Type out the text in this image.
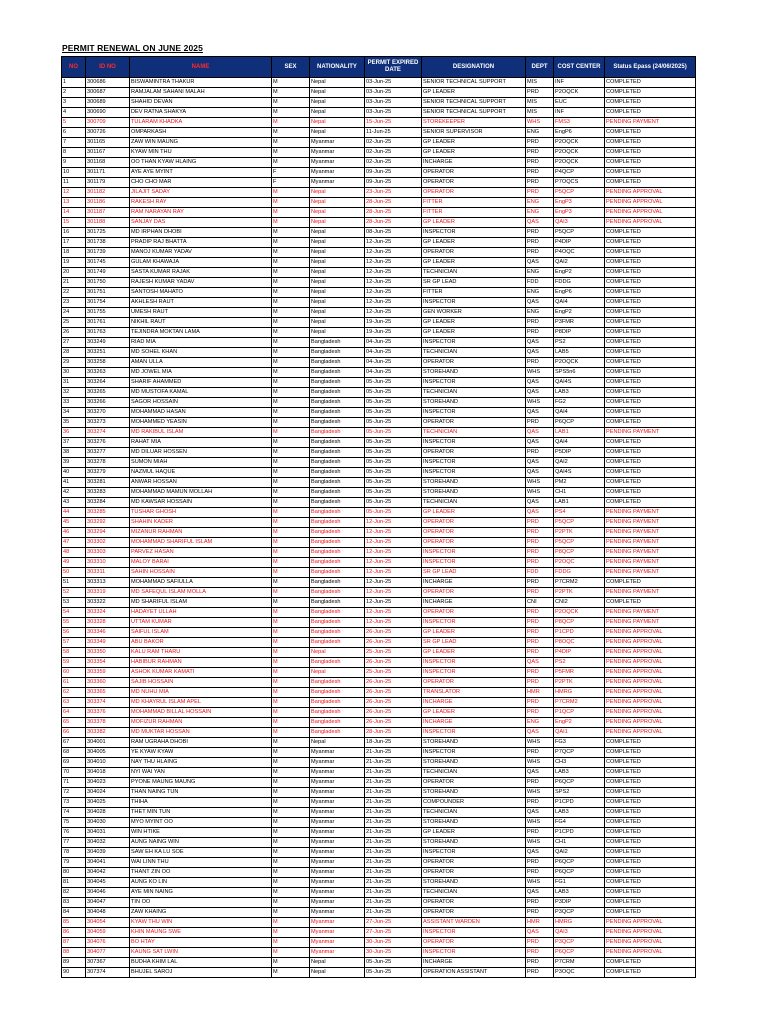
PERMIT RENEWAL ON JUNE 2025
NO	ID NO	NAME	SEX	NATIONALITY	PERMIT EXPIRED DATE	DESIGNATION	DEPT	COST CENTER	Status Epass (24/06/2025)
1	300686	BISWAMINTRA THAKUR	M	Nepal	03-Jun-25	SENIOR TECHNICAL SUPPORT	MIS	INF	COMPLETED
2	300687	RAMJALAM SAHANI MALAH	M	Nepal	03-Jun-25	GP LEADER	PRD	P2OQCK	COMPLETED
3	300689	SHAHID DEVAN	M	Nepal	03-Jun-25	SENIOR TECHNICAL SUPPORT	MIS	EUC	COMPLETED
4	300690	DEV RATNA SHAKYA	M	Nepal	03-Jun-25	SENIOR TECHNICAL SUPPORT	MIS	INF	COMPLETED
5	300709	TULARAM KHADKA	M	Nepal	15-Jun-25	STOREKEEPER	WHS	FMS3	PENDING PAYMENT
6	300726	OMPARKASH	M	Nepal	11-Jun-25	SENIOR SUPERVISOR	ENG	EngP6	COMPLETED
7	301165	ZAW WIN MAUNG	M	Myanmar	02-Jun-25	GP LEADER	PRD	P2OQCK	COMPLETED
8	301167	KYAW MIN THU	M	Myanmar	02-Jun-25	GP LEADER	PRD	P2OQCK	COMPLETED
9	301168	OO THAN KYAW HLAING	M	Myanmar	02-Jun-25	INCHARGE	PRD	P2OQCK	COMPLETED
10	301171	AYE AYE MYINT	F	Myanmar	09-Jun-25	OPERATOR	PRD	P4QCP	COMPLETED
11	301179	CHO CHO MAR	F	Myanmar	09-Jun-25	OPERATOR	PRD	P7OQCS	COMPLETED
12	301182	JILAJIT SADAY	M	Nepal	23-Jun-25	OPERATOR	PRD	P5QCP	PENDING APPROVAL
13	301186	RAKESH RAY	M	Nepal	28-Jun-25	FITTER	ENG	EngP3	PENDING APPROVAL
14	301187	RAM NARAYAN RAY	M	Nepal	28-Jun-25	FITTER	ENG	EngP3	PENDING APPROVAL
15	301188	SANJAY DAS	M	Nepal	28-Jun-25	GP LEADER	QAS	QAI3	PENDING APPROVAL
16	301725	MD IRPHAN DHOBI	M	Nepal	08-Jun-25	INSPECTOR	PRD	P5QCP	COMPLETED
17	301738	PRADIP RAJ BHATTA	M	Nepal	12-Jun-25	GP LEADER	PRD	P4DIP	COMPLETED
18	301739	MANOJ KUMAR YADAV	M	Nepal	12-Jun-25	OPERATOR	PRD	P4OQC	COMPLETED
19	301745	GULAM KHAWAJA	M	Nepal	12-Jun-25	GP LEADER	QAS	QAI2	COMPLETED
20	301749	SASTA KUMAR RAJAK	M	Nepal	12-Jun-25	TECHNICIAN	ENG	EngP2	COMPLETED
21	301750	RAJESH KUMAR YADAV	M	Nepal	12-Jun-25	SR GP LEAD	FDD	FDDG	COMPLETED
22	301751	SANTOSH MAHATO	M	Nepal	12-Jun-25	FITTER	ENG	EngP6	COMPLETED
23	301754	AKHLESH RAUT	M	Nepal	12-Jun-25	INSPECTOR	QAS	QAI4	COMPLETED
24	301755	UMESH RAUT	M	Nepal	12-Jun-25	GEN WORKER	ENG	EngP2	COMPLETED
25	301761	NIKHIL RAUT	M	Nepal	19-Jun-25	GP LEADER	PRD	P3FMR	COMPLETED
26	301763	TEJINDRA MOKTAN LAMA	M	Nepal	19-Jun-25	GP LEADER	PRD	P8DIP	COMPLETED
27	303249	RIAD MIA	M	Bangladesh	04-Jun-25	INSPECTOR	QAS	PS2	COMPLETED
28	303251	MD SOHEL KHAN	M	Bangladesh	04-Jun-25	TECHNICIAN	QAS	LAB5	COMPLETED
29	303258	AMAN ULLA	M	Bangladesh	04-Jun-25	OPERATOR	PRD	P2OQCK	COMPLETED
30	303263	MD JOWEL MIA	M	Bangladesh	04-Jun-25	STOREHAND	WHS	SPS5n6	COMPLETED
31	303264	SHARIF AHAMMED	M	Bangladesh	05-Jun-25	INSPECTOR	QAS	QAI4S	COMPLETED
32	303265	MD MUSTOFA KAMAL	M	Bangladesh	05-Jun-25	TECHNICIAN	QAS	LAB3	COMPLETED
33	303266	SAGOR HOSSAIN	M	Bangladesh	05-Jun-25	STOREHAND	WHS	FG2	COMPLETED
34	303270	MOHAMMAD HASAN	M	Bangladesh	05-Jun-25	INSPECTOR	QAS	QAI4	COMPLETED
35	303273	MOHAMMED YEASIN	M	Bangladesh	05-Jun-25	OPERATOR	PRD	P6QCP	COMPLETED
36	303274	MD RAKIBUL ISLAM	M	Bangladesh	05-Jun-25	TECHNICIAN	QAS	LAB1	PENDING PAYMENT
37	303276	RAHAT MIA	M	Bangladesh	05-Jun-25	INSPECTOR	QAS	QAI4	COMPLETED
38	303277	MD DILUAR HOSSEN	M	Bangladesh	05-Jun-25	OPERATOR	PRD	P5DIP	COMPLETED
39	303278	SUMON MIAH	M	Bangladesh	05-Jun-25	INSPECTOR	QAS	QAI2	COMPLETED
40	303279	NAZMUL HAQUE	M	Bangladesh	05-Jun-25	INSPECTOR	QAS	QAI4S	COMPLETED
41	303281	ANWAR HOSSAN	M	Bangladesh	05-Jun-25	STOREHAND	WHS	PM2	COMPLETED
42	303283	MOHAMMAD MAMUN MOLLAH	M	Bangladesh	05-Jun-25	STOREHAND	WHS	CH1	COMPLETED
43	303284	MD KAWSAR HOSSAIN	M	Bangladesh	05-Jun-25	TECHNICIAN	QAS	LAB1	COMPLETED
44	303285	TUSHAR GHOSH	M	Bangladesh	05-Jun-25	GP LEADER	QAS	PS4	PENDING PAYMENT
45	303292	SHAHIN KADER	M	Bangladesh	12-Jun-25	OPERATOR	PRD	P5QCP	PENDING PAYMENT
46	303294	MIZANUR RAHMAN	M	Bangladesh	12-Jun-25	OPERATOR	PRD	P2PTK	PENDING PAYMENT
47	303302	MOHAMMAD SHARIFUL ISLAM	M	Bangladesh	12-Jun-25	OPERATOR	PRD	P5QCP	PENDING PAYMENT
48	303303	PARVEZ HASAN	M	Bangladesh	12-Jun-25	INSPECTOR	PRD	P8QCP	PENDING PAYMENT
49	303310	MALOY BARAI	M	Bangladesh	12-Jun-25	INSPECTOR	PRD	P2OQC	PENDING PAYMENT
50	303311	SAHIN HOSSAIN	M	Bangladesh	12-Jun-25	SR GP LEAD	FDD	FDDG	PENDING PAYMENT
51	303313	MOHAMMAD SAFIULLA	M	Bangladesh	12-Jun-25	INCHARGE	PRD	P7CRM2	COMPLETED
52	303319	MD SAFEQUL ISLAM MOLLA	M	Bangladesh	12-Jun-25	OPERATOR	PRD	P2PTK	PENDING PAYMENT
53	303322	MD SHARIFUL ISLAM	M	Bangladesh	12-Jun-25	INCHARGE	CNI	CNI2	COMPLETED
54	303324	HADAYET ULLAH	M	Bangladesh	12-Jun-25	OPERATOR	PRD	P2OQCK	PENDING PAYMENT
55	303328	UTTAM KUMAR	M	Bangladesh	12-Jun-25	INSPECTOR	PRD	P8QCP	PENDING PAYMENT
56	303346	SAIFUL ISLAM	M	Bangladesh	26-Jun-25	GP LEADER	PRD	P1CPD	PENDING APPROVAL
57	303349	ABU BAKOR	M	Bangladesh	26-Jun-25	SR GP LEAD	PRD	P8OQC	PENDING APPROVAL
58	303350	KALU RAM THARU	M	Nepal	25-Jun-25	GP LEADER	PRD	P4DIP	PENDING APPROVAL
59	303354	HABIBUR RAHMAN	M	Bangladesh	26-Jun-25	INSPECTOR	QAS	PS2	PENDING APPROVAL
60	303359	ASHOK KUMAR KAMATI	M	Nepal	25-Jun-25	INSPECTOR	PRD	P5FMR	PENDING APPROVAL
61	303360	SAJIB HOSSAIN	M	Bangladesh	26-Jun-25	OPERATOR	PRD	P2PTK	PENDING APPROVAL
62	303365	MD NUHU MIA	M	Bangladesh	26-Jun-25	TRANSLATOR	HMR	HMRG	PENDING APPROVAL
63	303374	MD KHAYRUL ISLAM APEL	M	Bangladesh	26-Jun-25	INCHARGE	PRD	P7CRM2	PENDING APPROVAL
64	303376	MOHAMMAD BILLAL HOSSAIN	M	Bangladesh	26-Jun-25	GP LEADER	PRD	P1QCP	PENDING APPROVAL
65	303378	MOFIZUR RAHMAN	M	Bangladesh	26-Jun-25	INCHARGE	ENG	EngP2	PENDING APPROVAL
66	303382	MD MUKTAR HOSSAN	M	Bangladesh	28-Jun-25	INSPECTOR	QAS	QAI1	PENDING APPROVAL
67	304001	RAM UGRAHA DHOBI	M	Nepal	18-Jun-25	STOREHAND	WHS	FG3	COMPLETED
68	304005	YE KYAW KYAW	M	Myanmar	21-Jun-25	INSPECTOR	PRD	P7QCP	COMPLETED
69	304010	NAY THU HLAING	M	Myanmar	21-Jun-25	STOREHAND	WHS	CH3	COMPLETED
70	304018	NYI WAI YAN	M	Myanmar	21-Jun-25	TECHNICIAN	QAS	LAB3	COMPLETED
71	304023	PYONE MAUNG MAUNG	M	Myanmar	21-Jun-25	OPERATOR	PRD	P6QCP	COMPLETED
72	304024	THAN NAING TUN	M	Myanmar	21-Jun-25	STOREHAND	WHS	SPS2	COMPLETED
73	304025	THIHA	M	Myanmar	21-Jun-25	COMPOUNDER	PRD	P1CPD	COMPLETED
74	304028	THET MIN TUN	M	Myanmar	21-Jun-25	TECHNICIAN	QAS	LAB3	COMPLETED
75	304030	MYO MYINT OO	M	Myanmar	21-Jun-25	STOREHAND	WHS	FG4	COMPLETED
76	304031	WIN HTIKE	M	Myanmar	21-Jun-25	GP LEADER	PRD	P1CPD	COMPLETED
77	304032	AUNG NAING WIN	M	Myanmar	21-Jun-25	STOREHAND	WHS	CH1	COMPLETED
78	304039	SAW EH KA LU SOE	M	Myanmar	21-Jun-25	INSPECTOR	QAS	QAI2	COMPLETED
79	304041	WAI LINN THU	M	Myanmar	21-Jun-25	OPERATOR	PRD	P6QCP	COMPLETED
80	304042	THANT ZIN OO	M	Myanmar	21-Jun-25	OPERATOR	PRD	P6QCP	COMPLETED
81	304045	AUNG KO LIN	M	Myanmar	21-Jun-25	STOREHAND	WHS	FG1	COMPLETED
82	304046	AYE MIN NAING	M	Myanmar	21-Jun-25	TECHNICIAN	QAS	LAB3	COMPLETED
83	304047	TIN OO	M	Myanmar	21-Jun-25	OPERATOR	PRD	P3DIP	COMPLETED
84	304048	ZAW KHAING	M	Myanmar	21-Jun-25	OPERATOR	PRD	P3QCP	COMPLETED
85	304054	KYAW THU WIN	M	Myanmar	27-Jun-25	ASSISTANT WARDEN	HMR	HMRG	PENDING APPROVAL
86	304059	KHIN MAUNG SWE	M	Myanmar	27-Jun-25	INSPECTOR	QAS	QAI3	PENDING APPROVAL
87	304076	BO HTAY	M	Myanmar	30-Jun-25	OPERATOR	PRD	P3QCP	PENDING APPROVAL
88	304077	KAUNG SAT LWIN	M	Myanmar	30-Jun-25	INSPECTOR	PRD	P6QCP	PENDING APPROVAL
89	307367	BUDHA KHIM LAL	M	Nepal	05-Jun-25	INCHARGE	PRD	P7CRM	COMPLETED
90	307374	BHUJEL SAROJ	M	Nepal	05-Jun-25	OPERATION ASSISTANT	PRD	P3OQC	COMPLETED
